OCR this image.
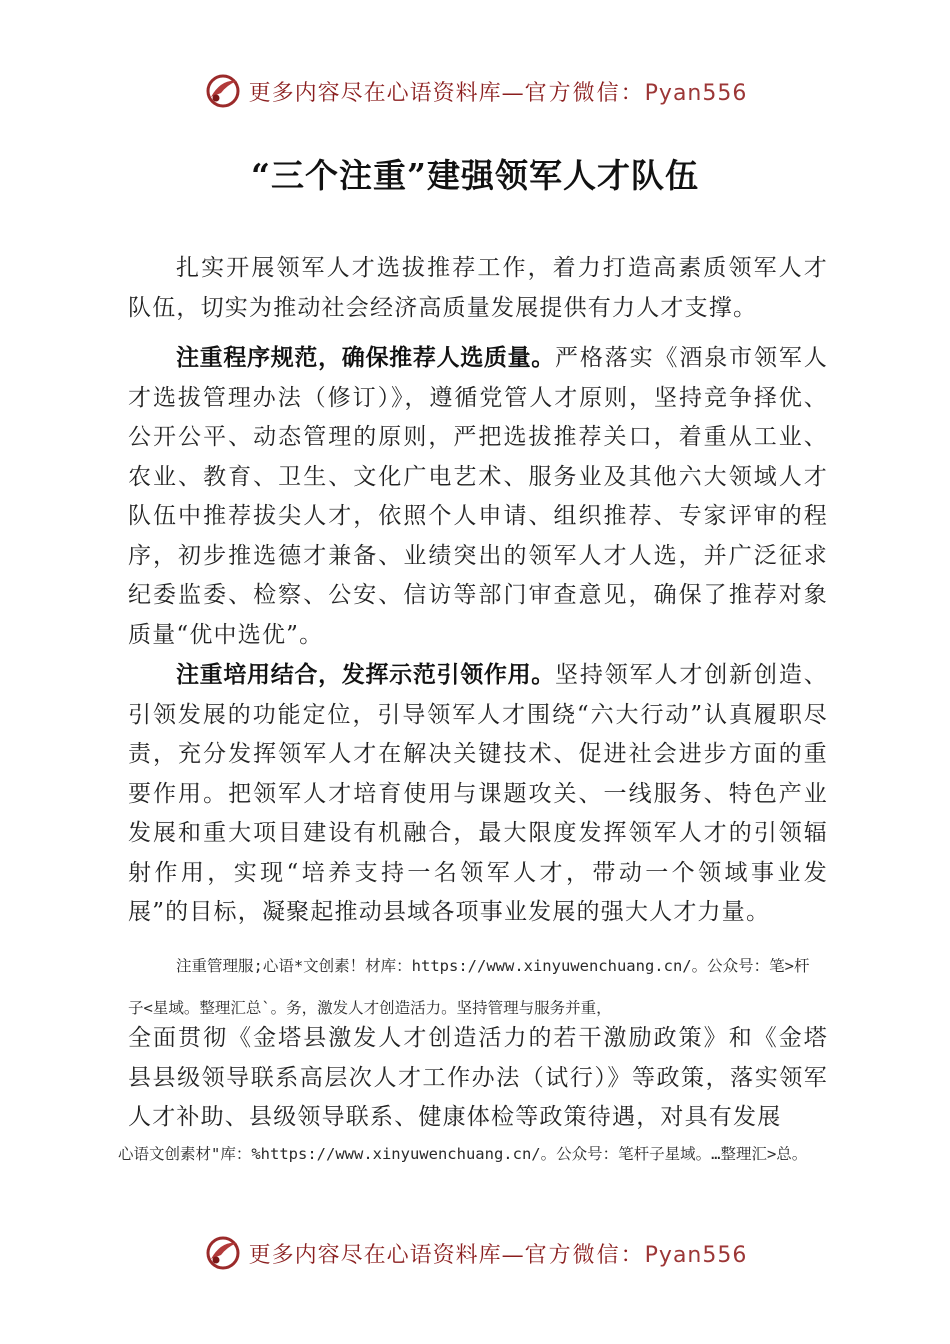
更多内容尽在心语资料库—官方微信：Pyan556
“三个注重”建强领军人才队伍
扎实开展领军人才选拔推荐工作，着力打造高素质领军人才队伍，切实为推动社会经济高质量发展提供有力人才支撑。
注重程序规范，确保推荐人选质量。严格落实《酒泉市领军人才选拔管理办法（修订）》，遵循党管人才原则，坚持竞争择优、公开公平、动态管理的原则，严把选拔推荐关口，着重从工业、农业、教育、卫生、文化广电艺术、服务业及其他六大领域人才队伍中推荐拔尖人才，依照个人申请、组织推荐、专家评审的程序，初步推选德才兼备、业绩突出的领军人才人选，并广泛征求纪委监委、检察、公安、信访等部门审查意见，确保了推荐对象质量“优中选优”。
注重培用结合，发挥示范引领作用。坚持领军人才创新创造、引领发展的功能定位，引导领军人才围绕“六大行动”认真履职尽责，充分发挥领军人才在解决关键技术、促进社会进步方面的重要作用。把领军人才培育使用与课题攻关、一线服务、特色产业发展和重大项目建设有机融合，最大限度发挥领军人才的引领辐射作用，实现“培养支持一名领军人才，带动一个领域事业发展”的目标，凝聚起推动县域各项事业发展的强大人才力量。
注重管理服;心语*文创素！材库：https://www.xinyuwenchuang.cn/。公众号：笔>杆
子<星域。整理汇总`。务，激发人才创造活力。坚持管理与服务并重，
全面贯彻《金塔县激发人才创造活力的若干激励政策》和《金塔县县级领导联系高层次人才工作办法（试行）》等政策，落实领军人才补助、县级领导联系、健康体检等政策待遇，对具有发展
心语文创素材"库：%https://www.xinyuwenchuang.cn/。公众号：笔杆子星域。…整理汇>总。
更多内容尽在心语资料库—官方微信：Pyan556
